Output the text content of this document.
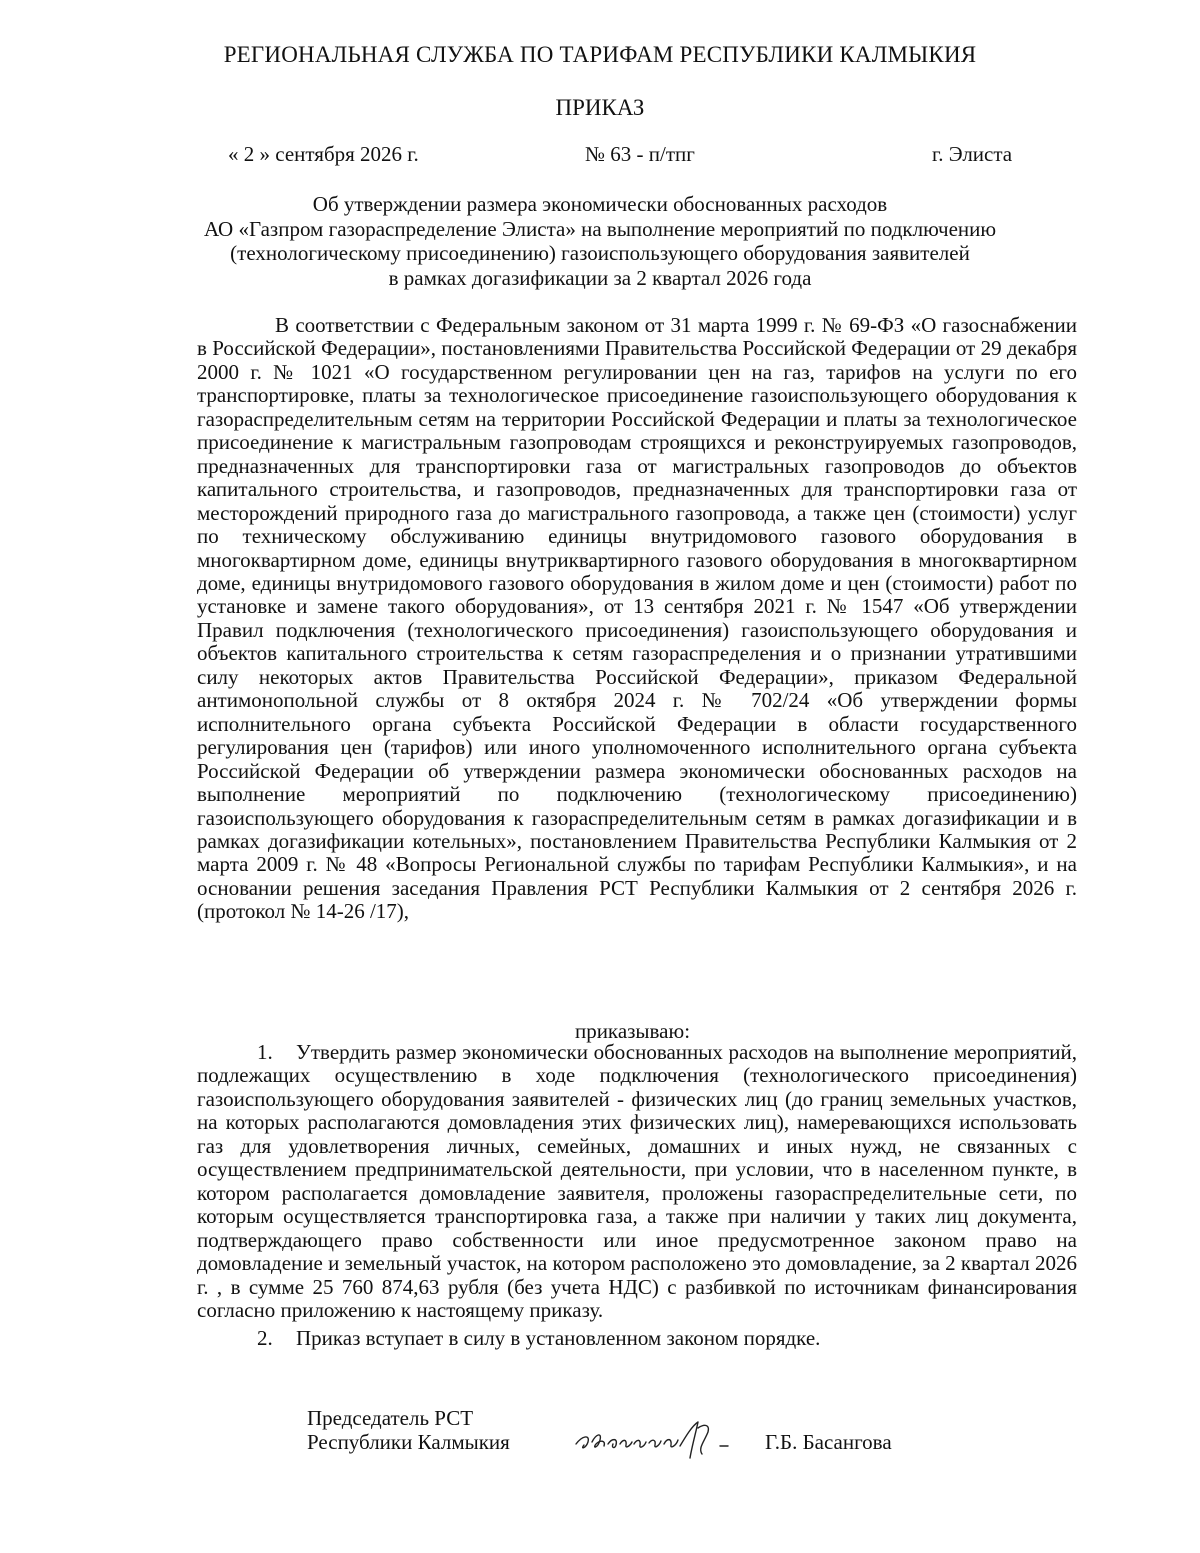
РЕГИОНАЛЬНАЯ СЛУЖБА ПО ТАРИФАМ РЕСПУБЛИКИ КАЛМЫКИЯ
ПРИКАЗ
« 2 » сентября 2026 г.	№ 63 - п/тпг	г. Элиста
Об утверждении размера экономически обоснованных расходов
АО «Газпром газораспределение Элиста» на выполнение мероприятий по подключению
(технологическому присоединению) газоиспользующего оборудования заявителей
в рамках догазификации за 2 квартал 2026 года

В соответствии с Федеральным законом от 31 марта 1999 г. № 69-ФЗ «О газоснабжении в Российской Федерации», постановлениями Правительства Российской Федерации от 29 декабря 2000 г. № 1021 «О государственном регулировании цен на газ, тарифов на услуги по его транспортировке, платы за технологическое присоединение газоиспользующего оборудования к газораспределительным сетям на территории Российской Федерации и платы за технологическое присоединение к магистральным газопроводам строящихся и реконструируемых газопроводов, предназначенных для транспортировки газа от магистральных газопроводов до объектов капитального строительства, и газопроводов, предназначенных для транспортировки газа от месторождений природного газа до магистрального газопровода, а также цен (стоимости) услуг по техническому обслуживанию единицы внутридомового газового оборудования в многоквартирном доме, единицы внутриквартирного газового оборудования в многоквартирном доме, единицы внутридомового газового оборудования в жилом доме и цен (стоимости) работ по установке и замене такого оборудования», от 13 сентября 2021 г. № 1547 «Об утверждении Правил подключения (технологического присоединения) газоиспользующего оборудования и объектов капитального строительства к сетям газораспределения и о признании утратившими силу некоторых актов Правительства Российской Федерации», приказом Федеральной антимонопольной службы от 8 октября 2024 г. № 702/24 «Об утверждении формы исполнительного органа субъекта Российской Федерации в области государственного регулирования цен (тарифов) или иного уполномоченного исполнительного органа субъекта Российской Федерации об утверждении размера экономически обоснованных расходов на выполнение мероприятий по подключению (технологическому присоединению) газоиспользующего оборудования к газораспределительным сетям в рамках догазификации и в рамках догазификации котельных», постановлением Правительства Республики Калмыкия от 2 марта 2009 г. № 48 «Вопросы Региональной службы по тарифам Республики Калмыкия», и на основании решения заседания Правления РСТ Республики Калмыкия от 2 сентября 2026 г. (протокол № 14-26 /17),

приказываю:

1. Утвердить размер экономически обоснованных расходов на выполнение мероприятий, подлежащих осуществлению в ходе подключения (технологического присоединения) газоиспользующего оборудования заявителей - физических лиц (до границ земельных участков, на которых располагаются домовладения этих физических лиц), намеревающихся использовать газ для удовлетворения личных, семейных, домашних и иных нужд, не связанных с осуществлением предпринимательской деятельности, при условии, что в населенном пункте, в котором располагается домовладение заявителя, проложены газораспределительные сети, по которым осуществляется транспортировка газа, а также при наличии у таких лиц документа, подтверждающего право собственности или иное предусмотренное законом право на домовладение и земельный участок, на котором расположено это домовладение, за 2 квартал 2026 г. , в сумме 25 760 874,63 рубля (без учета НДС) с разбивкой по источникам финансирования согласно приложению к настоящему приказу.

2. Приказ вступает в силу в установленном законом порядке.

Председатель РСТ
Республики Калмыкия	Г.Б. Басангова
